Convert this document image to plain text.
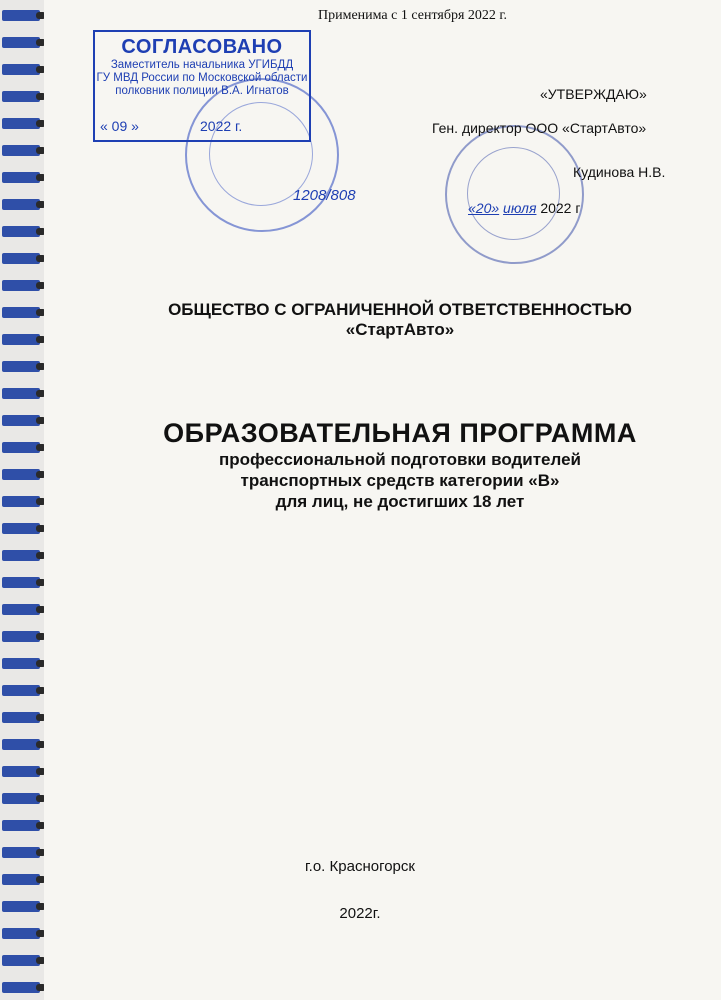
Применима с 1 сентября 2022 г.
СОГЛАСОВАНО
Заместитель начальника УГИБДД
ГУ МВД России по Московской области
полковник полиции В.А. Игнатов
« 09 »	2022 г.
1208/808
«УТВЕРЖДАЮ»
Ген. директор ООО «СтартАвто»
Кудинова Н.В.
«20» июля 2022 г
ОБЩЕСТВО С ОГРАНИЧЕННОЙ ОТВЕТСТВЕННОСТЬЮ
«СтартАвто»
ОБРАЗОВАТЕЛЬНАЯ ПРОГРАММА
профессиональной подготовки водителей
транспортных средств категории «В»
для лиц, не достигших 18 лет
г.о. Красногорск
2022г.
